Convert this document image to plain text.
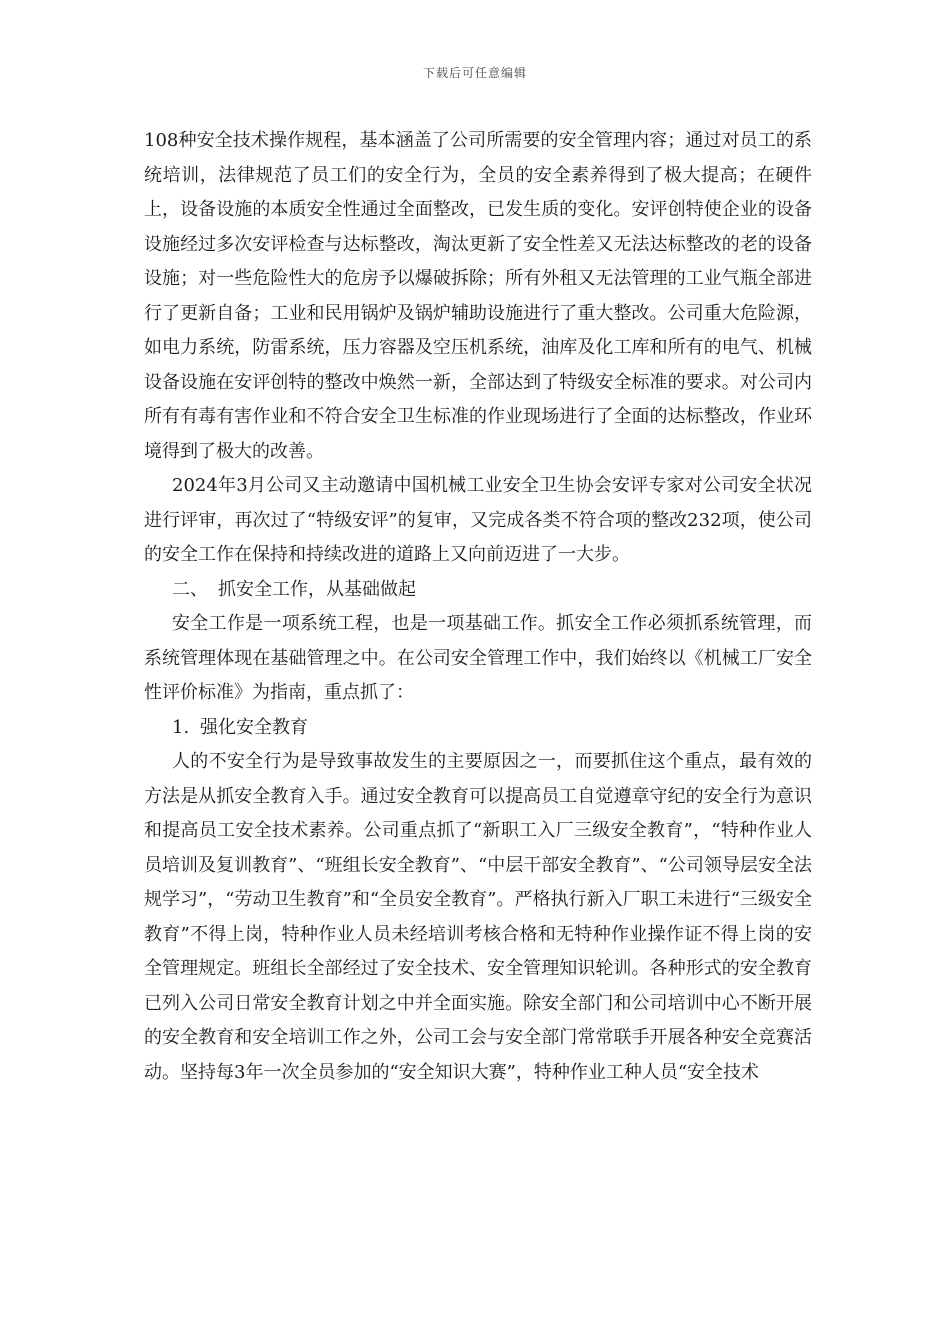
下载后可任意编辑

108种安全技术操作规程，基本涵盖了公司所需要的安全管理内容；通过对员工的系统培训，法律规范了员工们的安全行为，全员的安全素养得到了极大提高；在硬件上，设备设施的本质安全性通过全面整改，已发生质的变化。安评创特使企业的设备设施经过多次安评检查与达标整改，淘汰更新了安全性差又无法达标整改的老的设备设施；对一些危险性大的危房予以爆破拆除；所有外租又无法管理的工业气瓶全部进行了更新自备；工业和民用锅炉及锅炉辅助设施进行了重大整改。公司重大危险源，如电力系统，防雷系统，压力容器及空压机系统，油库及化工库和所有的电气、机械设备设施在安评创特的整改中焕然一新，全部达到了特级安全标准的要求。对公司内所有有毒有害作业和不符合安全卫生标准的作业现场进行了全面的达标整改，作业环境得到了极大的改善。

2024年3月公司又主动邀请中国机械工业安全卫生协会安评专家对公司安全状况进行评审，再次过了“特级安评”的复审，又完成各类不符合项的整改232项，使公司的安全工作在保持和持续改进的道路上又向前迈进了一大步。

二、 抓安全工作，从基础做起

安全工作是一项系统工程，也是一项基础工作。抓安全工作必须抓系统管理，而系统管理体现在基础管理之中。在公司安全管理工作中，我们始终以《机械工厂安全性评价标准》为指南，重点抓了：

1. 强化安全教育

人的不安全行为是导致事故发生的主要原因之一，而要抓住这个重点，最有效的方法是从抓安全教育入手。通过安全教育可以提高员工自觉遵章守纪的安全行为意识和提高员工安全技术素养。公司重点抓了“新职工入厂三级安全教育”，“特种作业人员培训及复训教育”、“班组长安全教育”、“中层干部安全教育”、“公司领导层安全法规学习”，“劳动卫生教育”和“全员安全教育”。严格执行新入厂职工未进行“三级安全教育”不得上岗，特种作业人员未经培训考核合格和无特种作业操作证不得上岗的安全管理规定。班组长全部经过了安全技术、安全管理知识轮训。各种形式的安全教育已列入公司日常安全教育计划之中并全面实施。除安全部门和公司培训中心不断开展的安全教育和安全培训工作之外，公司工会与安全部门常常联手开展各种安全竞赛活动。坚持每3年一次全员参加的“安全知识大赛”，特种作业工种人员“安全技术
